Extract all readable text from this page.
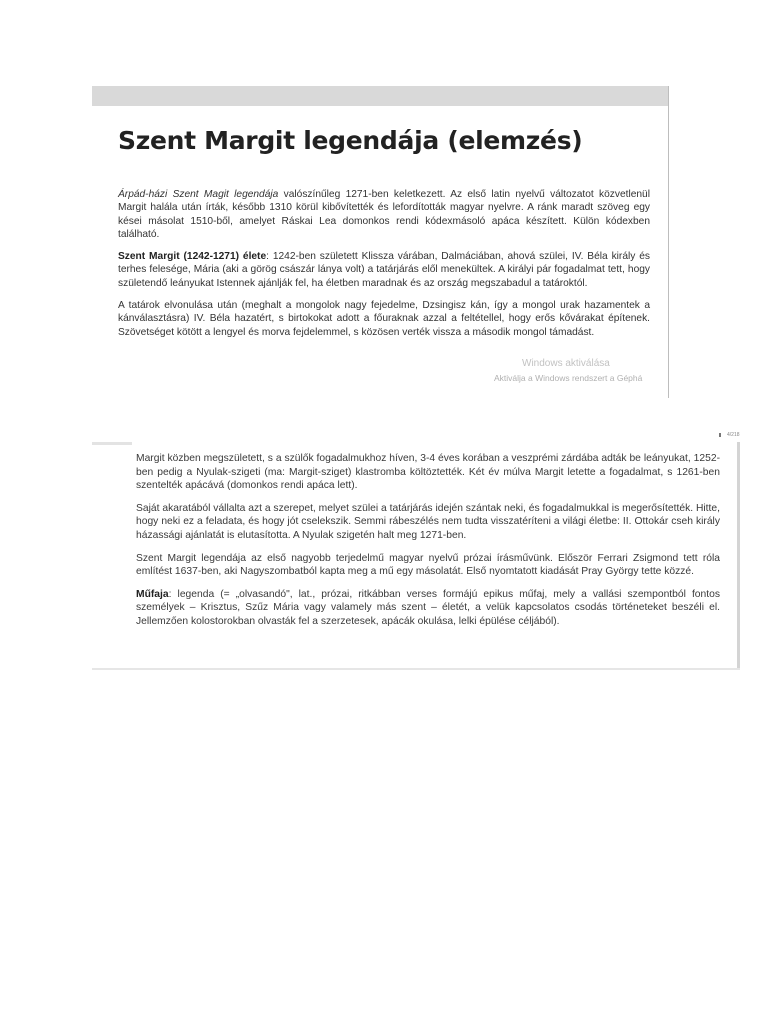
Szent Margit legendája (elemzés)

Árpád-házi Szent Magit legendája valószínűleg 1271-ben keletkezett. Az első latin nyelvű változatot közvetlenül Margit halála után írták, később 1310 körül kibővítették és lefordították magyar nyelvre. A ránk maradt szöveg egy kései másolat 1510-ből, amelyet Ráskai Lea domonkos rendi kódexmásoló apáca készített. Külön kódexben található.

Szent Margit (1242-1271) élete: 1242-ben született Klissza várában, Dalmáciában, ahová szülei, IV. Béla király és terhes felesége, Mária (aki a görög császár lánya volt) a tatárjárás elől menekültek. A királyi pár fogadalmat tett, hogy születendő leányukat Istennek ajánlják fel, ha életben maradnak és az ország megszabadul a tatároktól.

A tatárok elvonulása után (meghalt a mongolok nagy fejedelme, Dzsingisz kán, így a mongol urak hazamentek a kánválasztásra) IV. Béla hazatért, s birtokokat adott a főuraknak azzal a feltétellel, hogy erős kővárakat építenek. Szövetséget kötött a lengyel és morva fejdelemmel, s közösen verték vissza a második mongol támadást.

Windows aktiválása
Aktiválja a Windows rendszert a Géphá
4/218

Margit közben megszületett, s a szülők fogadalmukhoz híven, 3-4 éves korában a veszprémi zárdába adták be leányukat, 1252-ben pedig a Nyulak-szigeti (ma: Margit-sziget) klastromba költöztették. Két év múlva Margit letette a fogadalmat, s 1261-ben szentelték apácává (domonkos rendi apáca lett).

Saját akaratából vállalta azt a szerepet, melyet szülei a tatárjárás idején szántak neki, és fogadalmukkal is megerősítették. Hitte, hogy neki ez a feladata, és hogy jót cselekszik. Semmi rábeszélés nem tudta visszatéríteni a világi életbe: II. Ottokár cseh király házassági ajánlatát is elutasította. A Nyulak szigetén halt meg 1271-ben.

Szent Margit legendája az első nagyobb terjedelmű magyar nyelvű prózai írásművünk. Először Ferrari Zsigmond tett róla említést 1637-ben, aki Nagyszombatból kapta meg a mű egy másolatát. Első nyomtatott kiadását Pray György tette közzé.

Műfaja: legenda (= „olvasandó", lat., prózai, ritkábban verses formájú epikus műfaj, mely a vallási szempontból fontos személyek – Krisztus, Szűz Mária vagy valamely más szent – életét, a velük kapcsolatos csodás történeteket beszéli el. Jellemzően kolostorokban olvasták fel a szerzetesek, apácák okulása, lelki épülése céljából).
